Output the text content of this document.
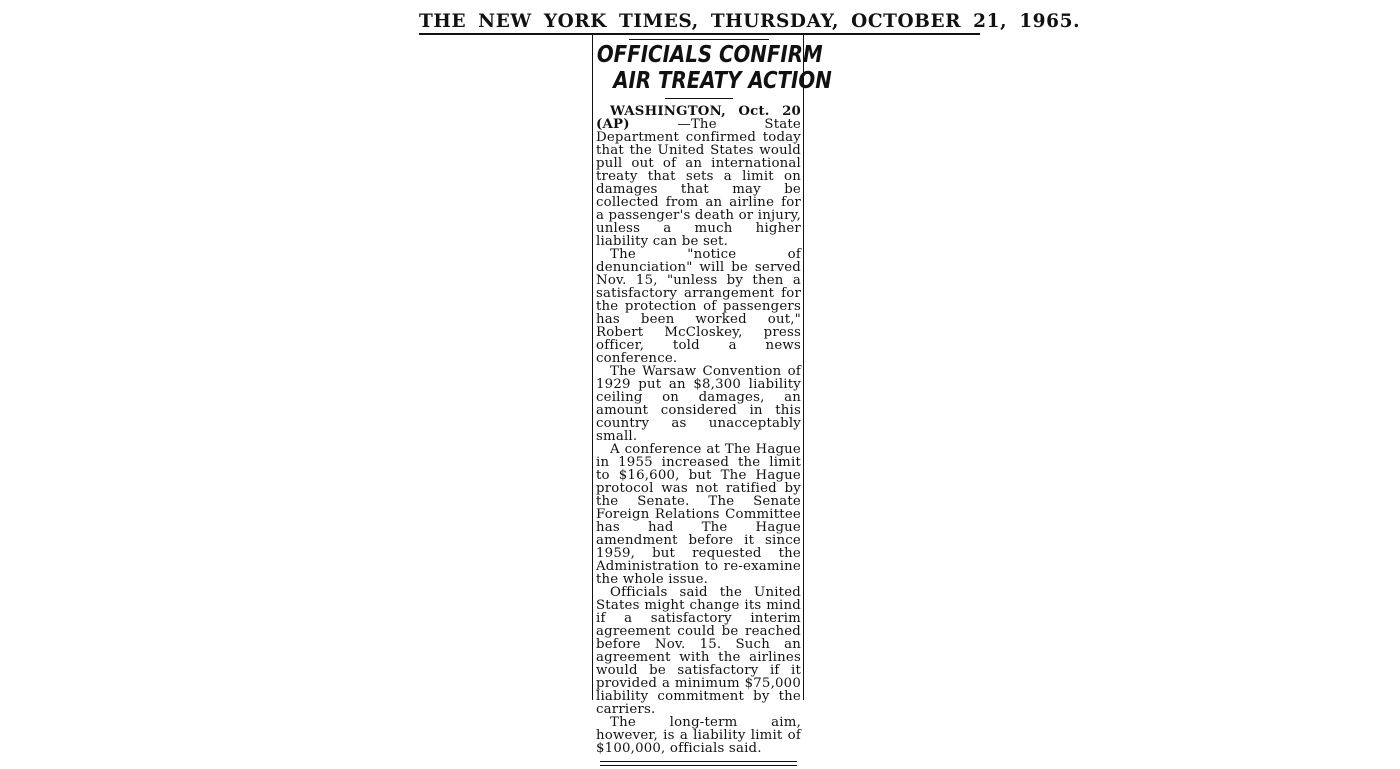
THE NEW YORK TIMES, THURSDAY, OCTOBER 21, 1965.
OFFICIALS CONFIRM
AIR TREATY ACTION

WASHINGTON, Oct. 20 (AP)	—The State Department confirmed today that the United States would pull out of an international treaty that sets a limit on damages that may be collected from an airline for a passenger's death or injury, unless a much higher liability can be set.

The "notice of denunciation" will be served Nov. 15, "unless by then a satisfactory arrangement for the protection of passengers has been worked out," Robert McCloskey, press officer, told a news conference.

The Warsaw Convention of 1929 put an $8,300 liability ceiling on damages, an amount considered in this country as unacceptably small.

A conference at The Hague in 1955 increased the limit to $16,600, but The Hague protocol was not ratified by the Senate. The Senate Foreign Relations Committee has had The Hague amendment before it since 1959, but requested the Administration to re-examine the whole issue.

Officials said the United States might change its mind if a satisfactory interim agreement could be reached before Nov. 15. Such an agreement with the airlines would be satisfactory if it provided a minimum $75,000 liability commitment by the carriers.

The long-term aim, however, is a liability limit of $100,000, officials said.
